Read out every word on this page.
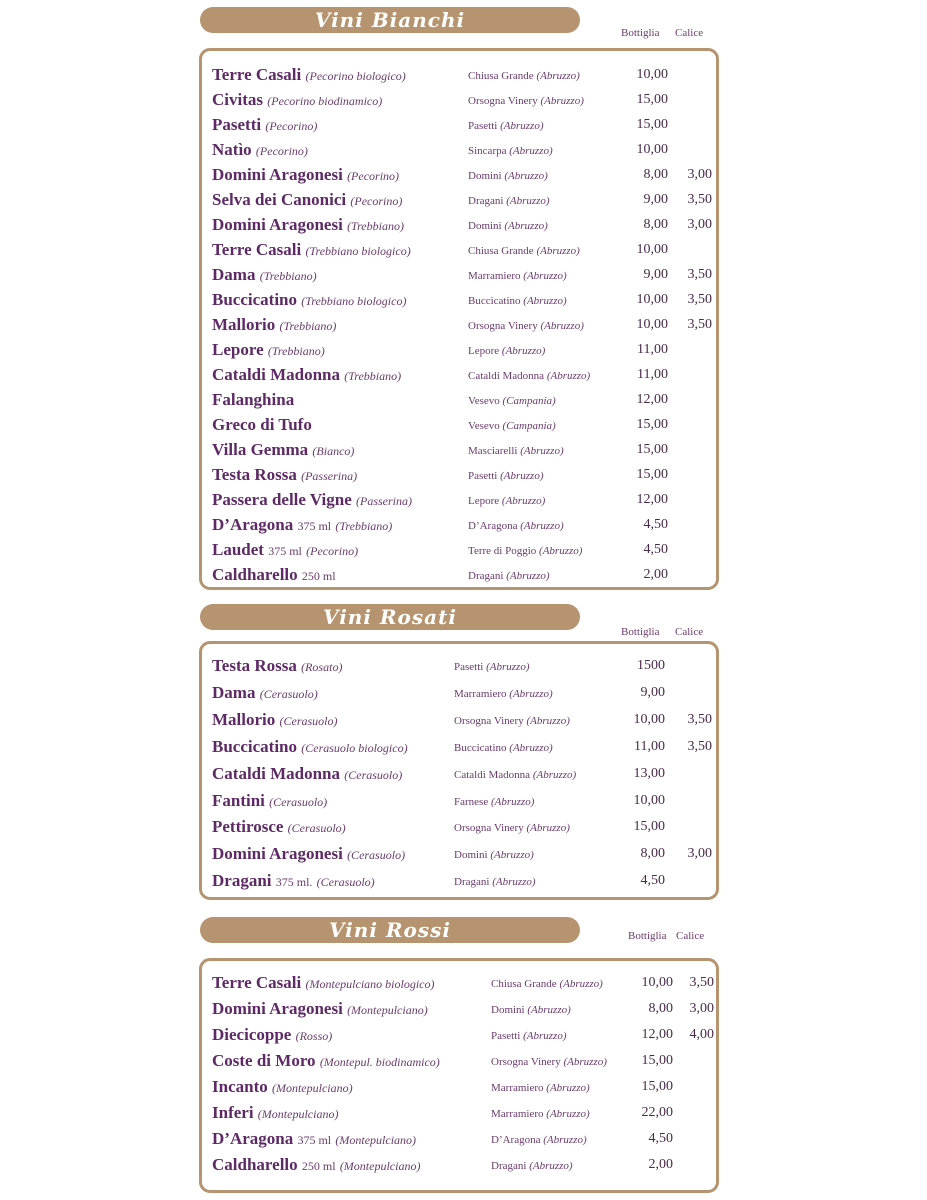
Vini Bianchi
Bottiglia Calice
Terre Casali (Pecorino biologico)	Chiusa Grande (Abruzzo)	10,00
Civitas (Pecorino biodinamico)	Orsogna Vinery (Abruzzo)	15,00
Pasetti (Pecorino)	Pasetti (Abruzzo)	15,00
Natìo (Pecorino)	Sincarpa (Abruzzo)	10,00
Domini Aragonesi (Pecorino)	Domini (Abruzzo)	8,00	3,00
Selva dei Canonici (Pecorino)	Dragani (Abruzzo)	9,00	3,50
Domini Aragonesi (Trebbiano)	Domini (Abruzzo)	8,00	3,00
Terre Casali (Trebbiano biologico)	Chiusa Grande (Abruzzo)	10,00
Dama (Trebbiano)	Marramiero (Abruzzo)	9,00	3,50
Buccicatino (Trebbiano biologico)	Buccicatino (Abruzzo)	10,00	3,50
Mallorio (Trebbiano)	Orsogna Vinery (Abruzzo)	10,00	3,50
Lepore (Trebbiano)	Lepore (Abruzzo)	11,00
Cataldi Madonna (Trebbiano)	Cataldi Madonna (Abruzzo)	11,00
Falanghina	Vesevo (Campania)	12,00
Greco di Tufo	Vesevo (Campania)	15,00
Villa Gemma (Bianco)	Masciarelli (Abruzzo)	15,00
Testa Rossa (Passerina)	Pasetti (Abruzzo)	15,00
Passera delle Vigne (Passerina)	Lepore (Abruzzo)	12,00
D’Aragona 375 ml (Trebbiano)	D’Aragona (Abruzzo)	4,50
Laudet 375 ml (Pecorino)	Terre di Poggio (Abruzzo)	4,50
Caldharello 250 ml	Dragani (Abruzzo)	2,00
Vini Rosati
Bottiglia Calice
Testa Rossa (Rosato)	Pasetti (Abruzzo)	1500
Dama (Cerasuolo)	Marramiero (Abruzzo)	9,00
Mallorio (Cerasuolo)	Orsogna Vinery (Abruzzo)	10,00	3,50
Buccicatino (Cerasuolo biologico)	Buccicatino (Abruzzo)	11,00	3,50
Cataldi Madonna (Cerasuolo)	Cataldi Madonna (Abruzzo)	13,00
Fantini (Cerasuolo)	Farnese (Abruzzo)	10,00
Pettirosce (Cerasuolo)	Orsogna Vinery (Abruzzo)	15,00
Domini Aragonesi (Cerasuolo)	Domini (Abruzzo)	8,00	3,00
Dragani 375 ml. (Cerasuolo)	Dragani (Abruzzo)	4,50
Vini Rossi	Bottiglia Calice
Terre Casali (Montepulciano biologico)	Chiusa Grande (Abruzzo)	10,00	3,50
Domini Aragonesi (Montepulciano)	Domini (Abruzzo)	8,00	3,00
Diecicoppe (Rosso)	Pasetti (Abruzzo)	12,00	4,00
Coste di Moro (Montepul. biodinamico)	Orsogna Vinery (Abruzzo)	15,00
Incanto (Montepulciano)	Marramiero (Abruzzo)	15,00
Inferi (Montepulciano)	Marramiero (Abruzzo)	22,00
D’Aragona 375 ml (Montepulciano)	D’Aragona (Abruzzo)	4,50
Caldharello 250 ml (Montepulciano)	Dragani (Abruzzo)	2,00
